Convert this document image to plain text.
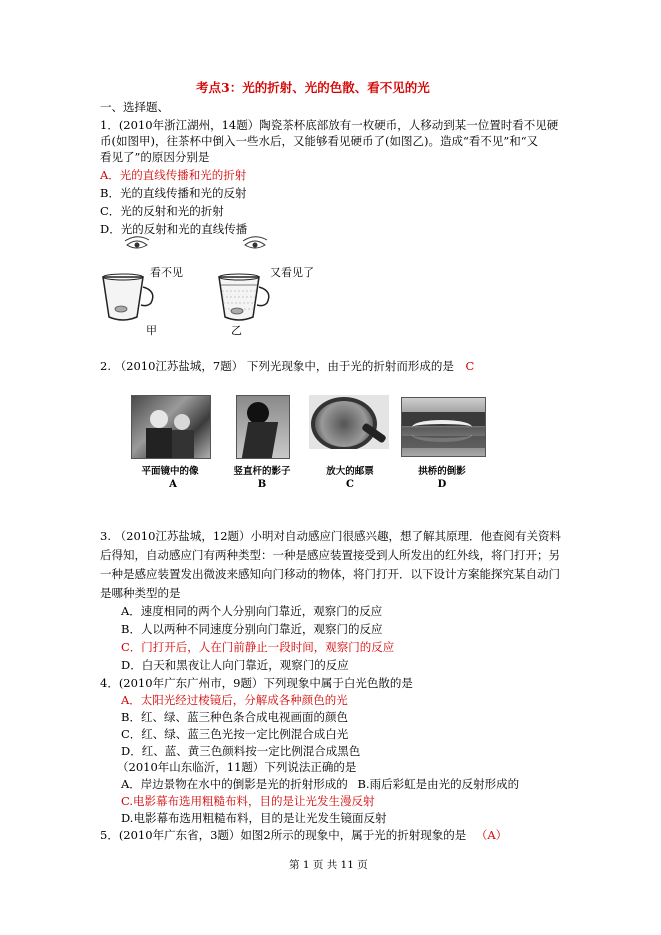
考点3：光的折射、光的色散、看不见的光
一、选择题、
1．(2010年浙江湖州，14题）陶瓷茶杯底部放有一枚硬币，人移动到某一位置时看不见硬
币(如图甲)，往茶杯中倒入一些水后，又能够看见硬币了(如图乙)。造成“看不见”和“又
看见了”的原因分别是
A．光的直线传播和光的折射
B．光的直线传播和光的反射
C．光的反射和光的折射
D．光的反射和光的直线传播
看不见	又看见了
甲	乙
2. （2010江苏盐城，7题） 下列光现象中，由于光的折射而形成的是 C
平面镜中的像	竖直杆的影子	放大的邮票	拱桥的倒影
A	B	C	D
3. （2010江苏盐城，12题）小明对自动感应门很感兴趣，想了解其原理．他查阅有关资料
后得知，自动感应门有两种类型：一种是感应装置接受到人所发出的红外线，将门打开；另
一种是感应装置发出微波来感知向门移动的物体，将门打开．以下设计方案能探究某自动门
是哪种类型的是
A．速度相同的两个人分别向门靠近，观察门的反应
B．人以两种不同速度分别向门靠近，观察门的反应
C．门打开后，人在门前静止一段时间，观察门的反应
D．白天和黑夜让人向门靠近，观察门的反应
4．(2010年广东广州市，9题）下列现象中属于白光色散的是
A．太阳光经过棱镜后，分解成各种颜色的光
B．红、绿、蓝三种色条合成电视画面的颜色
C．红、绿、蓝三色光按一定比例混合成白光
D．红、蓝、黄三色颜料按一定比例混合成黑色
（2010年山东临沂，11题）下列说法正确的是
A．岸边景物在水中的倒影是光的折射形成的 B.雨后彩虹是由光的反射形成的
C.电影幕布选用粗糙布料，目的是让光发生漫反射
D.电影幕布选用粗糙布料，目的是让光发生镜面反射
5．(2010年广东省，3题）如图2所示的现象中，属于光的折射现象的是 （A）
第 1 页 共 11 页
